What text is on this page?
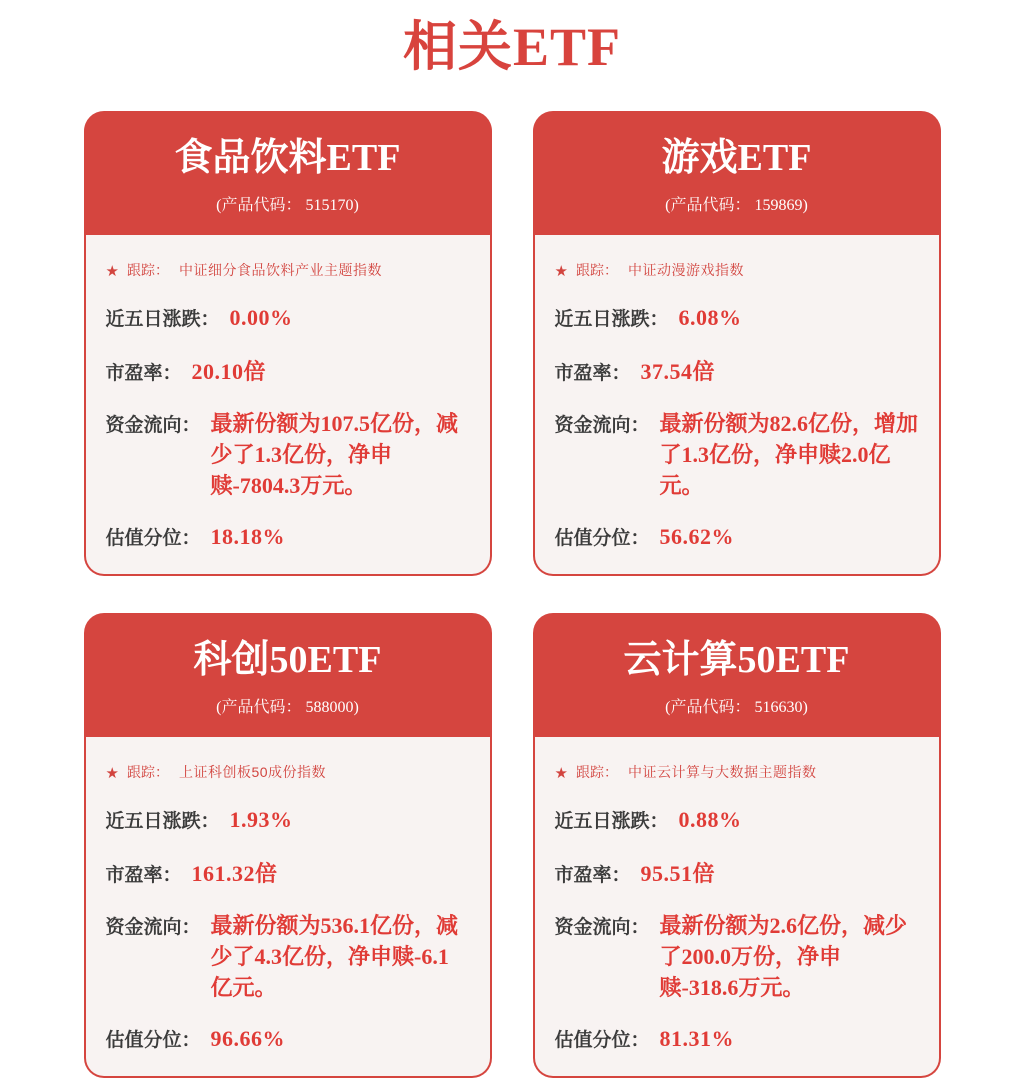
相关ETF
食品饮料ETF
(产品代码： 515170)
★ 跟踪： 中证细分食品饮料产业主题指数
近五日涨跌： 0.00%
市盈率： 20.10倍
资金流向： 最新份额为107.5亿份，减少了1.3亿份，净申赎-7804.3万元。
估值分位： 18.18%
游戏ETF
(产品代码： 159869)
★ 跟踪： 中证动漫游戏指数
近五日涨跌： 6.08%
市盈率： 37.54倍
资金流向： 最新份额为82.6亿份，增加了1.3亿份，净申赎2.0亿元。
估值分位： 56.62%
科创50ETF
(产品代码： 588000)
★ 跟踪： 上证科创板50成份指数
近五日涨跌： 1.93%
市盈率： 161.32倍
资金流向： 最新份额为536.1亿份，减少了4.3亿份，净申赎-6.1亿元。
估值分位： 96.66%
云计算50ETF
(产品代码： 516630)
★ 跟踪： 中证云计算与大数据主题指数
近五日涨跌： 0.88%
市盈率： 95.51倍
资金流向： 最新份额为2.6亿份，减少了200.0万份，净申赎-318.6万元。
估值分位： 81.31%
